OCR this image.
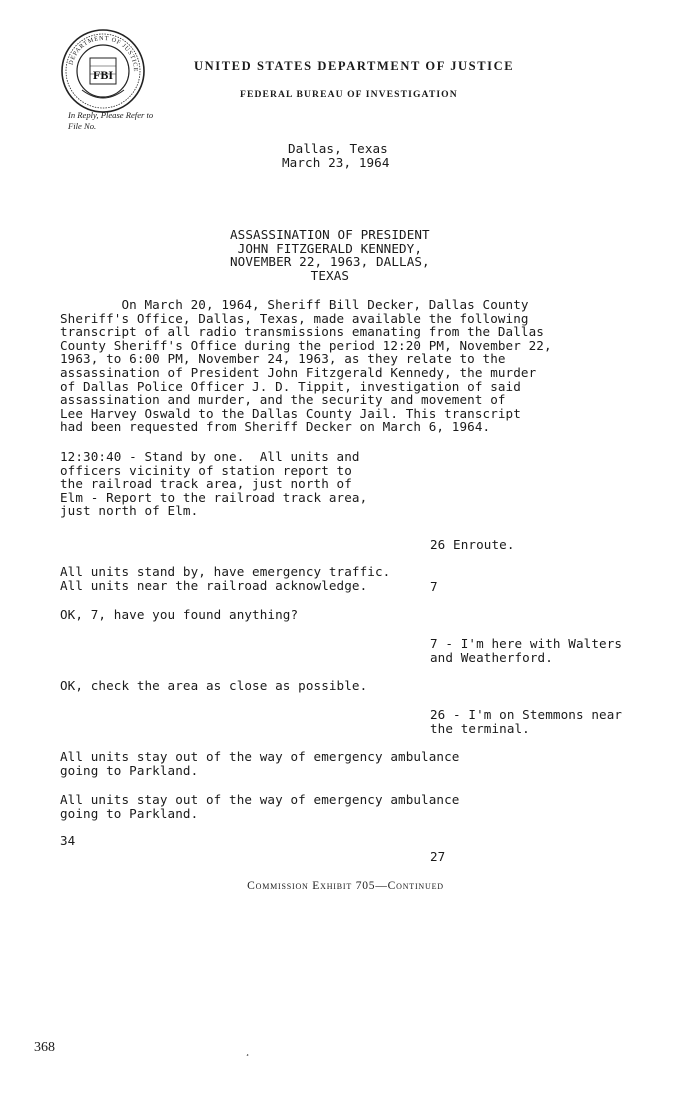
DEPARTMENT OF JUSTICE
FBI
UNITED STATES DEPARTMENT OF JUSTICE
FEDERAL BUREAU OF INVESTIGATION
In Reply, Please Refer to
File No.
Dallas, Texas
March 23, 1964
ASSASSINATION OF PRESIDENT
JOHN FITZGERALD KENNEDY,
NOVEMBER 22, 1963, DALLAS,
TEXAS
On March 20, 1964, Sheriff Bill Decker, Dallas County
Sheriff's Office, Dallas, Texas, made available the following
transcript of all radio transmissions emanating from the Dallas
County Sheriff's Office during the period 12:20 PM, November 22,
1963, to 6:00 PM, November 24, 1963, as they relate to the
assassination of President John Fitzgerald Kennedy, the murder
of Dallas Police Officer J. D. Tippit, investigation of said
assassination and murder, and the security and movement of
Lee Harvey Oswald to the Dallas County Jail. This transcript
had been requested from Sheriff Decker on March 6, 1964.
12:30:40 - Stand by one.  All units and
officers vicinity of station report to
the railroad track area, just north of
Elm - Report to the railroad track area,
just north of Elm.
26 Enroute.
All units stand by, have emergency traffic.
All units near the railroad acknowledge.	7
OK, 7, have you found anything?
7 - I'm here with Walters
and Weatherford.
OK, check the area as close as possible.
26 - I'm on Stemmons near
the terminal.
All units stay out of the way of emergency ambulance
going to Parkland.
All units stay out of the way of emergency ambulance
going to Parkland.
34
27
Commission Exhibit 705—Continued
368	¸
